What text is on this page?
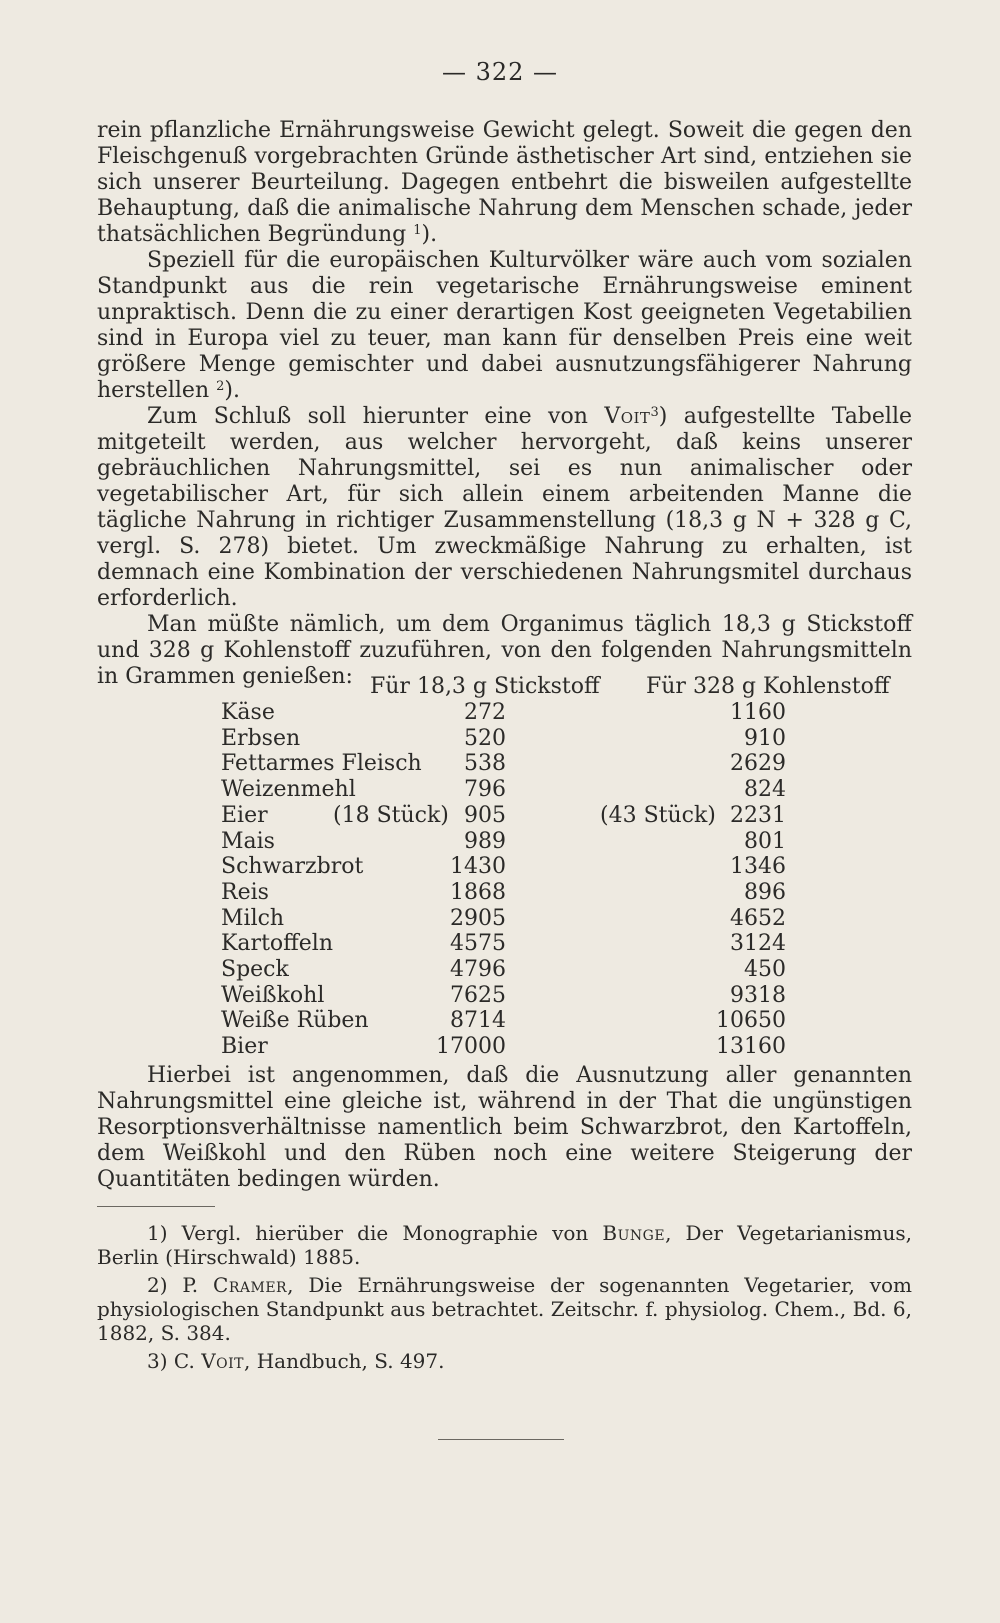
— 322 —

rein pflanzliche Ernährungsweise Gewicht gelegt. Soweit die gegen den Fleischgenuß vorgebrachten Gründe ästhetischer Art sind, entziehen sie sich unserer Beurteilung. Dagegen entbehrt die bisweilen aufgestellte Behauptung, daß die animalische Nahrung dem Menschen schade, jeder thatsächlichen Begründung $^1$).

Speziell für die europäischen Kulturvölker wäre auch vom sozialen Standpunkt aus die rein vegetarische Ernährungsweise eminent unpraktisch. Denn die zu einer derartigen Kost geeigneten Vegetabilien sind in Europa viel zu teuer, man kann für denselben Preis eine weit größere Menge gemischter und dabei ausnutzungsfähigerer Nahrung herstellen $^2$).

Zum Schluß soll hierunter eine von Voit$^3$) aufgestellte Tabelle mitgeteilt werden, aus welcher hervorgeht, daß keins unserer gebräuchlichen Nahrungsmittel, sei es nun animalischer oder vegetabilischer Art, für sich allein einem arbeitenden Manne die tägliche Nahrung in richtiger Zusammenstellung (18,3 g N + 328 g C, vergl. S. 278) bietet. Um zweckmäßige Nahrung zu erhalten, ist demnach eine Kombination der verschiedenen Nahrungsmitel durchaus erforderlich.

Man müßte nämlich, um dem Organimus täglich 18,3 g Stickstoff und 328 g Kohlenstoff zuzuführen, von den folgenden Nahrungsmitteln in Grammen genießen: Für 18,3 g Stickstoff Für 328 g Kohlenstoff
Käse	272	1160
Erbsen	520	910
Fettarmes Fleisch 538	2629
Weizenmehl	796	824
Eier	(18 Stück) 905	(43 Stück) 2231
Mais	989	801
Schwarzbrot	1430	1346
Reis	1868	896
Milch	2905	4652
Kartoffeln	4575	3124
Speck	4796	450
Weißkohl	7625	9318
Weiße Rüben	8714	10650
Bier	17000	13160

Hierbei ist angenommen, daß die Ausnutzung aller genannten Nahrungsmittel eine gleiche ist, während in der That die ungünstigen Resorptionsverhältnisse namentlich beim Schwarzbrot, den Kartoffeln, dem Weißkohl und den Rüben noch eine weitere Steigerung der Quantitäten bedingen würden.

1) Vergl. hierüber die Monographie von Bunge, Der Vegetarianismus, Berlin (Hirschwald) 1885.

2) P. Cramer, Die Ernährungsweise der sogenannten Vegetarier, vom physiologischen Standpunkt aus betrachtet. Zeitschr. f. physiolog. Chem., Bd. 6, 1882, S. 384.

3) C. Voit, Handbuch, S. 497.
